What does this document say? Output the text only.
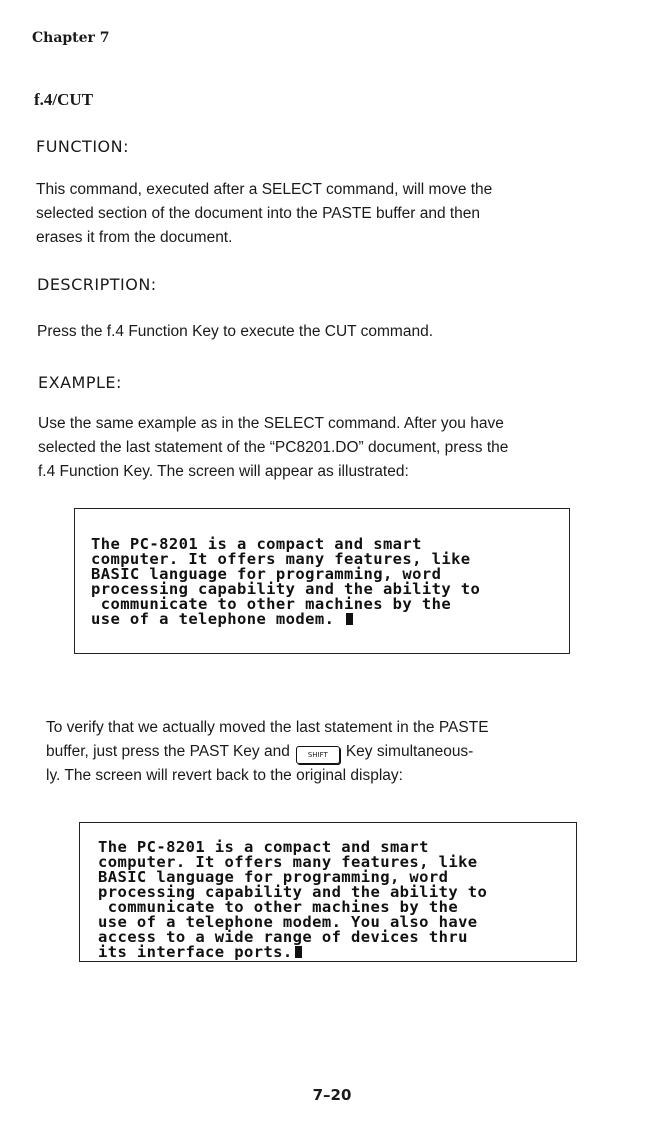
Chapter 7
f.4/CUT
FUNCTION:

This command, executed after a SELECT command, will move the

selected section of the document into the PASTE buffer and then

erases it from the document.

DESCRIPTION:

Press the f.4 Function Key to execute the CUT command.

EXAMPLE:

Use the same example as in the SELECT command. After you have

selected the last statement of the “PC8201.DO” document, press the

f.4 Function Key. The screen will appear as illustrated:

The PC-8201 is a compact and smart
computer. It offers many features, like
BASIC language for programming, word
processing capability and the ability to
communicate to other machines by the
use of a telephone modem.

To verify that we actually moved the last statement in the PASTE

buffer, just press the PAST Key and	SHIFT Key simultaneous-

ly. The screen will revert back to the original display:

The PC-8201 is a compact and smart
computer. It offers many features, like
BASIC language for programming, word
processing capability and the ability to
communicate to other machines by the
use of a telephone modem. You also have
access to a wide range of devices thru
its interface ports.
7–20
